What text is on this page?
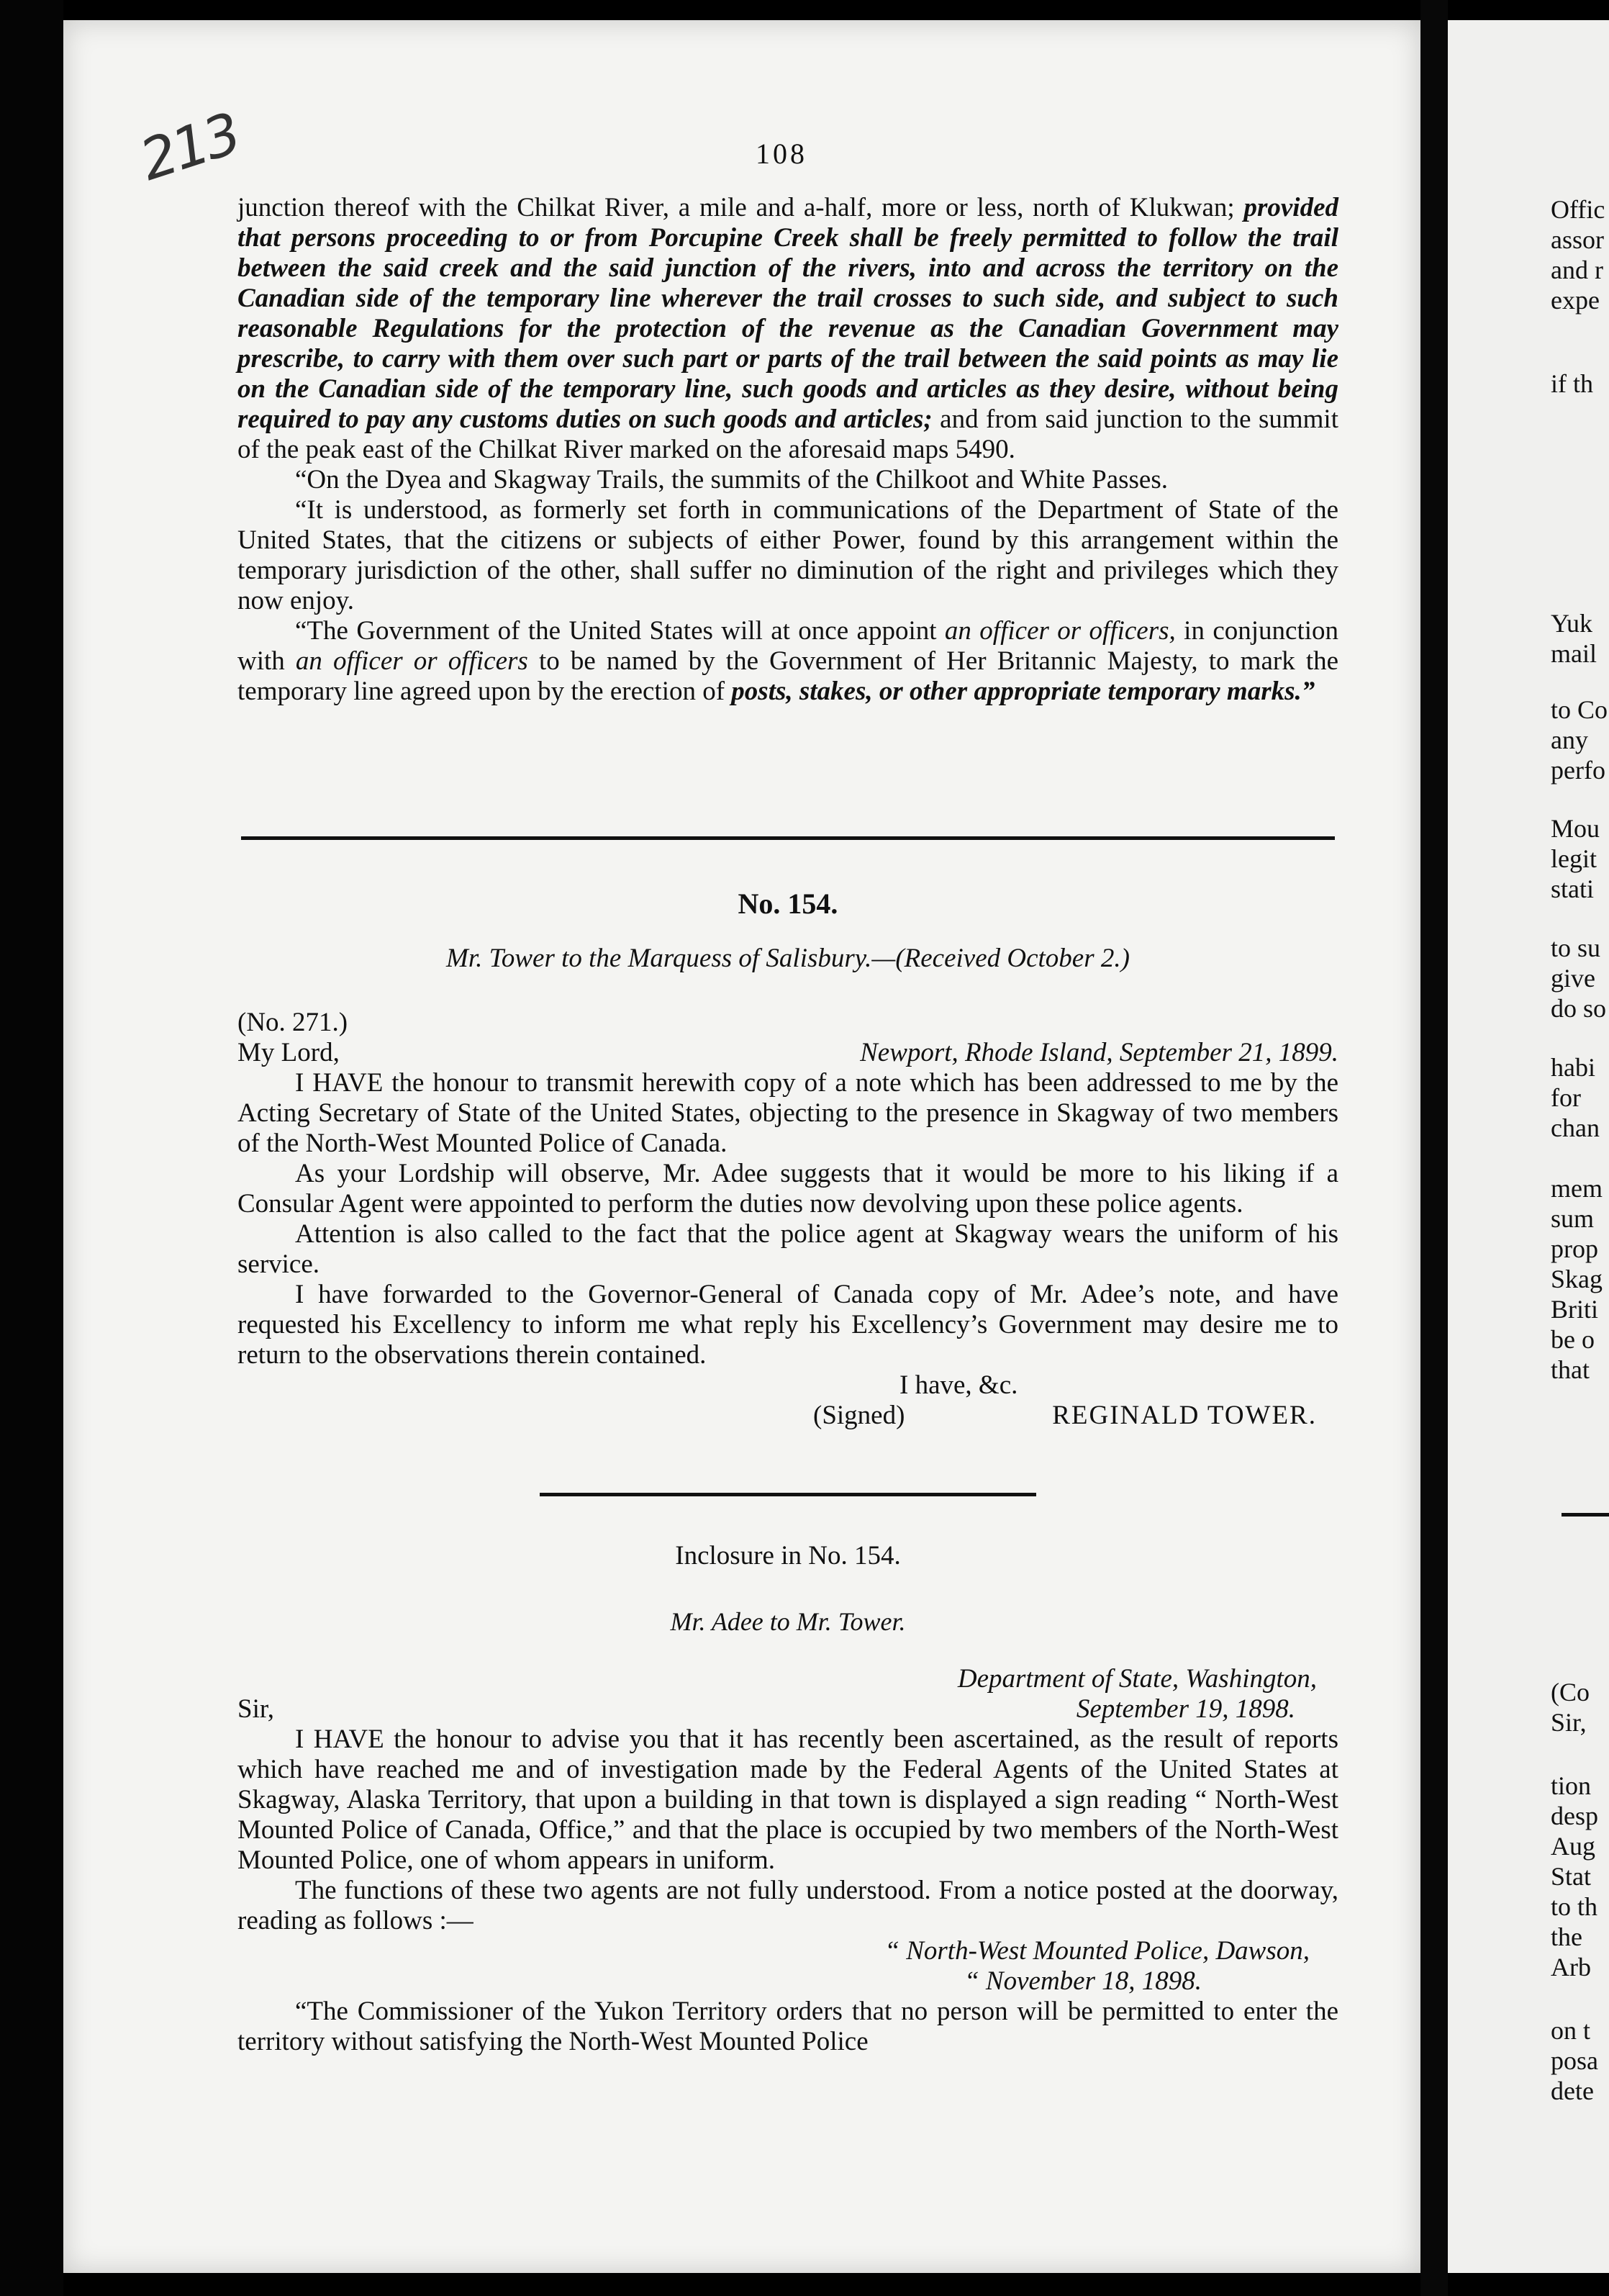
213	108

junction thereof with the Chilkat River, a mile and a-half, more or less, north of Klukwan; provided that persons proceeding to or from Porcupine Creek shall be freely permitted to follow the trail between the said creek and the said junction of the rivers, into and across the territory on the Canadian side of the temporary line wherever the trail crosses to such side, and subject to such reasonable Regulations for the protection of the revenue as the Canadian Government may prescribe, to carry with them over such part or parts of the trail between the said points as may lie on the Canadian side of the temporary line, such goods and articles as they desire, without being required to pay any customs duties on such goods and articles; and from said junction to the summit of the peak east of the Chilkat River marked on the aforesaid maps 5490.

“On the Dyea and Skagway Trails, the summits of the Chilkoot and White Passes.

“It is understood, as formerly set forth in communications of the Department of State of the United States, that the citizens or subjects of either Power, found by this arrangement within the temporary jurisdiction of the other, shall suffer no diminution of the right and privileges which they now enjoy.

“The Government of the United States will at once appoint an officer or officers, in conjunction with an officer or officers to be named by the Government of Her Britannic Majesty, to mark the temporary line agreed upon by the erection of posts, stakes, or other appropriate temporary marks.”

No. 154.
Mr. Tower to the Marquess of Salisbury.—(Received October 2.)
(No. 271.)
My Lord,	Newport, Rhode Island, September 21, 1899.

I HAVE the honour to transmit herewith copy of a note which has been addressed to me by the Acting Secretary of State of the United States, objecting to the presence in Skagway of two members of the North-West Mounted Police of Canada.

As your Lordship will observe, Mr. Adee suggests that it would be more to his liking if a Consular Agent were appointed to perform the duties now devolving upon these police agents.

Attention is also called to the fact that the police agent at Skagway wears the uniform of his service.

I have forwarded to the Governor-General of Canada copy of Mr. Adee’s note, and have requested his Excellency to inform me what reply his Excellency’s Government may desire me to return to the observations therein contained.

I have, &c.
(Signed)	REGINALD TOWER.
Inclosure in No. 154.
Mr. Adee to Mr. Tower.
Department of State, Washington,
Sir,	September 19, 1898.

I HAVE the honour to advise you that it has recently been ascertained, as the result of reports which have reached me and of investigation made by the Federal Agents of the United States at Skagway, Alaska Territory, that upon a building in that town is displayed a sign reading “ North-West Mounted Police of Canada, Office,” and that the place is occupied by two members of the North-West Mounted Police, one of whom appears in uniform.

The functions of these two agents are not fully understood. From a notice posted at the doorway, reading as follows :—

“ North-West Mounted Police, Dawson,
“ November 18, 1898.

“The Commissioner of the Yukon Territory orders that no person will be permitted to enter the territory without satisfying the North-West Mounted Police

Offic
assor
and r
expe
if th
Yuk
mail
to Co
any
perfo
Mou
legit
stati
to su
give
do so
habi
for
chan
mem
sum
prop
Skag
Briti
be o
that
(Co
Sir,
tion
desp
Aug
Stat
to th
the
Arb
on t
posa
dete
